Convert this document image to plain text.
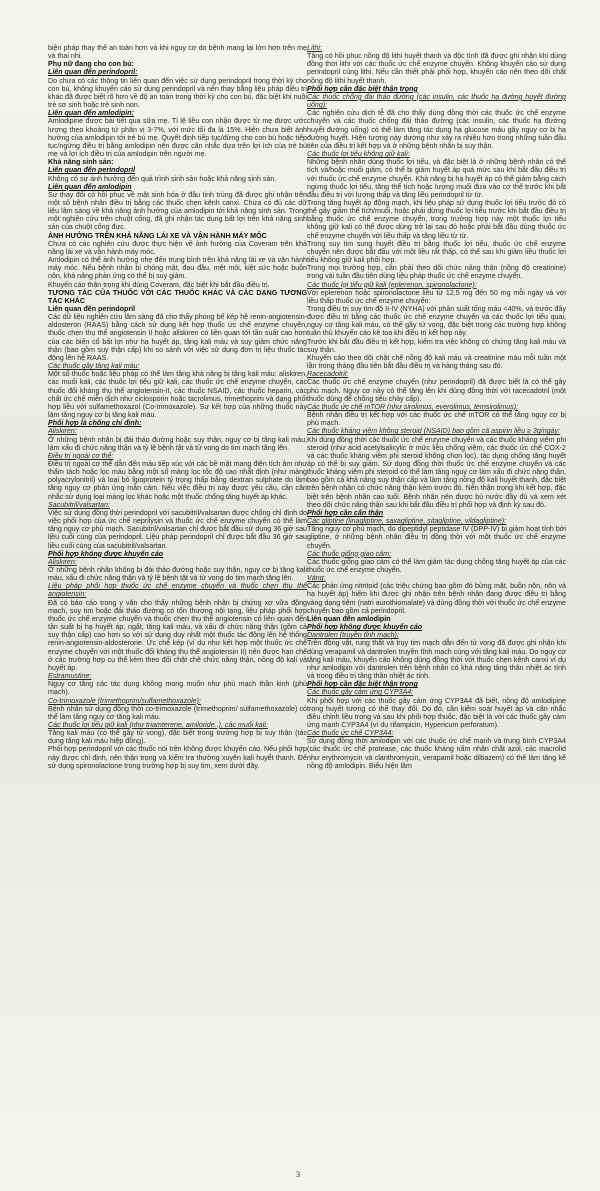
biện pháp thay thế an toàn hơn và khi nguy cơ do bệnh mang lại lớn hơn trên mẹ và thai nhi.

Phụ nữ đang cho con bú:

Liên quan đến perindopril:

Do chưa có các thông tin liên quan đến việc sử dụng perindopril trong thời kỳ cho con bú, không khuyến cáo sử dụng perindopril và nên thay bằng liệu pháp điều trị khác đã được biết rõ hơn về độ an toàn trong thời kỳ cho con bú, đặc biệt khi nuôi trẻ sơ sinh hoặc trẻ sinh non.

Liên quan đến amlodipin:

Amlodipine được bài tiết qua sữa mẹ. Tỉ lệ liều con nhận được từ mẹ được ước lượng theo khoảng tứ phân vị 3-7%, với mức tối đa là 15%. Hiện chưa biết ảnh hưởng của amlodipin tới trẻ bú mẹ. Quyết định tiếp tục/dừng cho con bú hoặc tiếp tục/ngừng điều trị bằng amlodipin nên được cân nhắc dựa trên lợi ích của trẻ bú mẹ và lợi ích điều trị của amlodipin trên người mẹ.

Khả năng sinh sản:

Liên quan đến perindopril

Không có sự ảnh hưởng đến quá trình sinh sản hoặc khả năng sinh sản.

Liên quan đến amlodipin

Sự thay đổi có hồi phục về mặt sinh hóa ở đầu tinh trùng đã được ghi nhận trên một số bệnh nhân điều trị bằng các thuốc chẹn kênh canxi. Chưa có đủ các dữ liệu lâm sàng về khả năng ảnh hưởng của amlodipin tới khả năng sinh sản. Trong một nghiên cứu trên chuột cống, đã ghi nhận tác dụng bất lợi trên khả năng sinh sản của chuột cống đực.

ẢNH HƯỞNG TRÊN KHẢ NĂNG LÁI XE VÀ VẬN HÀNH MÁY MÓC

Chưa có các nghiên cứu được thực hiện về ảnh hưởng của Coveram trên khả năng lái xe và vận hành máy móc.

Amlodipin có thể ảnh hưởng nhẹ đến trung bình trên khả năng lái xe và vận hành máy móc. Nếu bệnh nhân bị chóng mặt, đau đầu, mệt mỏi, kiệt sức hoặc buồn nôn, khả năng phản ứng có thể bị suy giảm.

Khuyến cáo thận trọng khi dùng Coveram, đặc biệt khi bắt đầu điều trị.

TƯƠNG TÁC CỦA THUỐC VỚI CÁC THUỐC KHÁC VÀ CÁC DẠNG TƯƠNG TÁC KHÁC

Liên quan đến perindopril

Các dữ liệu nghiên cứu lâm sàng đã cho thấy phong bế kép hệ renin-angiotensin-aldosteron (RAAS) bằng cách sử dụng kết hợp thuốc ức chế enzyme chuyển, thuốc chẹn thụ thể angiotensin II hoặc aliskiren có liên quan tới tần suất cao hơn của các biến cố bất lợi như hạ huyết áp, tăng kali máu và suy giảm chức năng thận (bao gồm suy thận cấp) khi so sánh với việc sử dụng đơn trị liệu thuốc tác động lên hệ RAAS.

Các thuốc gây tăng kali máu:

Một số thuốc hoặc liệu pháp có thể làm tăng khả năng bị tăng kali máu: aliskiren, các muối kali, các thuốc lợi tiểu giữ kali, các thuốc ức chế enzyme chuyển, các thuốc đối kháng thụ thể angiotensin-II, các thuốc NSAID, các thuốc heparin, các chất ức chế miễn dịch như ciclosporin hoặc tacrolimus, trimethoprim và dạng phối hợp liều với sulfamethoxazol (Co-trimoxazole). Sự kết hợp của những thuốc này làm tăng nguy cơ bị tăng kali máu.

Phối hợp là chống chỉ định:

Aliskiren:

Ở những bệnh nhân bị đái tháo đường hoặc suy thận, nguy cơ bị tăng kali máu, làm xấu đi chức năng thận và tỷ lệ bệnh tật và tử vong do tim mạch tăng lên.

Điều trị ngoài cơ thể:

Điều trị ngoài cơ thể dẫn đến máu tiếp xúc với các bề mặt mang điện tích âm như thẩm tách hoặc lọc máu bằng một số màng lọc tốc độ cao nhất định (như màng polyacrylonitril) và loại bỏ lipoprotein tỷ trọng thấp bằng dextran sulphate do làm tăng nguy cơ phản ứng mẫn cảm. Nếu việc điều trị này được yêu cầu, cần cân nhắc sử dụng loại màng lọc khác hoặc một thuốc chống tăng huyết áp khác.

Sacubitril/valsartan:

Việc sử dụng đồng thời perindopril với sacubitril/valsartan được chống chỉ định do việc phối hợp của ức chế neprilysin và thuốc ức chế enzyme chuyển có thể làm tăng nguy cơ phù mạch. Sacubitril/valsartan chỉ được bắt đầu sử dụng 36 giờ sau liều cuối cùng của perindopril. Liệu pháp perindopril chỉ được bắt đầu 36 giờ sau liều cuối cùng của sacubitril/valsartan.

Phối hợp không được khuyến cáo

Aliskiren:

Ở những bệnh nhân không bị đái tháo đường hoặc suy thận, nguy cơ bị tăng kali máu, xấu đi chức năng thận và tỷ lệ bệnh tật và tử vong do tim mạch tăng lên.

Liệu pháp phối hợp thuốc ức chế enzyme chuyển và thuốc chẹn thụ thể angiotensin:

Đã có báo cáo trong y văn cho thấy những bệnh nhân bị chứng xơ vữa động mạch, suy tim hoặc đái tháo đường có tổn thương nội tạng, liệu pháp phối hợp thuốc ức chế enzyme chuyển và thuốc chẹn thụ thể angiotensin có liên quan đến tần suất bị hạ huyết áp, ngất, tăng kali máu, và xấu đi chức năng thận (gồm cả suy thận cấp) cao hơn so với sử dụng duy nhất một thuốc tác động lên hệ thống renin-angiotensin-aldosterone. Ức chế kép (ví dụ như kết hợp một thuốc ức chế enzyme chuyển với một thuốc đối kháng thụ thể angiotensin II) nên được hạn chế ở các trường hợp cụ thể kèm theo đối chặt chẽ chức năng thận, nồng độ kali và huyết áp.

Estramustine:

Nguy cơ tăng các tác dụng không mong muốn như phù mạch thần kinh (phù mạch).

Co-trimoxazole (trimethoprim/sulfamethoxazole):

Bệnh nhân sử dụng đồng thời co-trimoxazole (trimethoprim/ sulfamethoxazole) có thể làm tăng nguy cơ tăng kali máu.

Các thuốc lợi tiểu giữ kali (như triamterene, amiloride..), các muối kali:

Tăng kali máu (có thể gây tử vong), đặc biệt trong trường hợp bị suy thận (tác dụng tăng kali máu hiệp đồng).

Phối hợp perindopril với các thuốc nói trên không được khuyến cáo. Nếu phối hợp này được chỉ định, nên thận trọng và kiểm tra thường xuyên kali huyết thanh. Để sử dụng spironolactone trong trường hợp bị suy tim, xem dưới đây.

Lithi:

Tăng có hồi phục nồng độ lithi huyết thanh và độc tính đã được ghi nhận khi dùng đồng thời lithi với các thuốc ức chế enzyme chuyển. Không khuyến cáo sử dụng perindopril cùng lithi. Nếu cần thiết phải phối hợp, khuyến cáo nên theo dõi chặt nồng độ lithi huyết thanh.

Phối hợp cần đặc biệt thận trọng

Các thuốc chống đái tháo đường (các insulin, các thuốc hạ đường huyết đường uống):

Các nghiên cứu dịch tễ đã cho thấy dùng đồng thời các thuốc ức chế enzyme chuyển và các thuốc chống đái tháo đường (các insulin, các thuốc hạ đường huyết đường uống) có thể làm tăng tác dụng hạ glucose máu gây nguy cơ bị hạ đường huyết. Hiện tượng này dường như xảy ra nhiều hơn trong những tuần đầu tiên của điều trị kết hợp và ở những bệnh nhân bị suy thận.

Các thuốc lợi tiểu không giữ kali:

Những bệnh nhân dùng thuốc lợi tiểu, và đặc biệt là ở những bệnh nhân có thể tích và/hoặc muối giảm, có thể bị giảm huyết áp quá mức sau khi bắt đầu điều trị với thuốc ức chế enzyme chuyển. Khả năng bị hạ huyết áp có thể giảm bằng cách ngừng thuốc lợi tiểu, tăng thể tích hoặc lượng muối đưa vào cơ thể trước khi bắt đầu điều trị với lượng thấp và tăng liều perindopril từ từ.

Trong tăng huyết áp động mạch, khi liệu pháp sử dụng thuốc lợi tiểu trước đó có thể gây giảm thể tích/muối, hoặc phải dừng thuốc lợi tiểu trước khi bắt đầu điều trị bằng thuốc ức chế enzyme chuyển, trong trường hợp này một thuốc lợi tiểu không giữ kali có thể được dùng trở lại sau đó hoặc phải bắt đầu dùng thuốc ức chế enzyme chuyển với liều thấp và tăng liều từ từ.

Trong suy tim sung huyết điều trị bằng thuốc lợi tiểu, thuốc ức chế enzyme chuyển nên được bắt đầu với một liều rất thấp, có thể sau khi giảm liều thuốc lợi tiểu không giữ kali phối hợp.

Trong mọi trường hợp, cần phải theo dõi chức năng thận (nồng độ creatinine) trong vài tuần đầu tiên dùng liệu pháp thuốc ức chế enzyme chuyển.

Các thuốc lợi tiểu giữ kali (eplerenon, spironolactone):

Với eplerenon hoặc spironolactone liều từ 12,5 mg đến 50 mg mỗi ngày và với liều thấp thuốc ức chế enzyme chuyển:

Trong điều trị suy tim độ II-IV (NYHA) với phân suất tống máu <40%, và trước đây được điều trị bằng các thuốc ức chế enzyme chuyển và các thuốc lợi tiểu quai, nguy cơ tăng kali máu, có thể gây tử vong, đặc biệt trong các trường hợp không tuân thủ khuyến cáo kê toa khi điều trị kết hợp này.

Trước khi bắt đầu điều trị kết hợp, kiểm tra việc không có chứng tăng kali máu và suy thận.

Khuyến cáo theo dõi chặt chẽ nồng độ kali máu và creatinine máu mỗi tuần một lần trong tháng đầu tiên bắt đầu điều trị và hàng tháng sau đó.

Racecadotril:

Các thuốc ức chế enzyme chuyển (như perindopril) đã được biết là có thể gây phù mạch. Nguy cơ này có thể tăng lên khi dùng đồng thời với racecadotril (một thuốc dùng để chống tiêu chảy cấp).

Các thuốc ức chế mTOR (như sirolimus, everolimus, temsirolimus):

Bệnh nhân điều trị kết hợp với các thuốc ức chế mTOR có thể tăng nguy cơ bị phù mạch.

Các thuốc kháng viêm không steroid (NSAID) bao gồm cả aspirin liều ≥ 3g/ngày:

Khi dùng đồng thời các thuốc ức chế enzyme chuyển và các thuốc kháng viêm phi steroid (như acid acetylsalicylic ở mức liều chống viêm, các thuốc ức chế COX-2 và các thuốc kháng viêm phi steroid không chọn lọc), tác dụng chống tăng huyết áp có thể bị suy giảm. Sử dụng đồng thời thuốc ức chế enzyme chuyển và các thuốc kháng viêm phi steroid có thể làm tăng nguy cơ làm xấu đi chức năng thận, bao gồm cả khả năng suy thận cấp và làm tăng nồng độ kali huyết thanh, đặc biệt trên bệnh nhân có chức năng thận kém trước đó. Nên thận trọng khi kết hợp, đặc biệt trên bệnh nhân cao tuổi. Bệnh nhân nên được bù nước đầy đủ và xem xét theo dõi chức năng thận sau khi bắt đầu điều trị phối hợp và định kỳ sau đó.

Phối hợp cần cẩn thận

Các gliptine (linagliptine, saxagliptine, sitagliptine, vildagliptine):

Tăng nguy cơ phù mạch, do dipeptidyl peptidase IV (DPP-IV) bị giảm hoạt tính bởi gliptine, ở những bệnh nhân điều trị đồng thời với một thuốc ức chế enzyme chuyển.

Các thuốc giống giao cảm:

Các thuốc giống giao cảm có thể làm giảm tác dụng chống tăng huyết áp của các thuốc ức chế enzyme chuyển.

Vàng:

Các phản ứng nitritoid (các triệu chứng bao gồm đỏ bừng mặt, buồn nôn, nôn và hạ huyết áp) hiếm khi được ghi nhận trên bệnh nhân đang được điều trị bằng vàng dạng tiêm (natri aurothiomalate) và dùng đồng thời với thuốc ức chế enzyme chuyển bao gồm cả perindopril.

Liên quan đến amlodipin

Phối hợp không được khuyến cáo

Dantrolen (truyền tĩnh mạch):

Trên động vật, rung thất và trụy tim mạch dẫn đến tử vong đã được ghi nhận khi dùng verapamil và dantrolen truyền tĩnh mạch cùng với tăng kali máu. Do nguy cơ tăng kali máu, khuyến cáo không dùng đồng thời với thuốc chẹn kênh canxi ví dụ như amlodipin với dantrolen trên bệnh nhân có khả năng tăng thân nhiệt ác tính và trong điều trị tăng thân nhiệt ác tính.

Phối hợp cần đặc biệt thận trọng

Các thuốc gây cảm ứng CYP3A4:

Khi phối hợp với các thuốc gây cảm ứng CYP3A4 đã biết, nồng độ amlodipine trong huyết tương có thể thay đổi. Do đó, cần kiểm soát huyết áp và cân nhắc điều chỉnh liều trong và sau khi phối hợp thuốc, đặc biệt là với các thuốc gây cảm ứng mạnh CYP3A4 (ví dụ rifampicin, Hypericum perforatum).

Các thuốc ức chế CYP3A4:

Sử dụng đồng thời amlodipin với các thuốc ức chế mạnh và trung bình CYP3A4 (các thuốc ức chế protease, các thuốc kháng nấm nhân chất azol, các macrolid như erythromycin và clarithromycin, verapamil hoặc diltiazem) có thể làm tăng kể nồng độ amlodipin. Biểu hiện lâm

3
